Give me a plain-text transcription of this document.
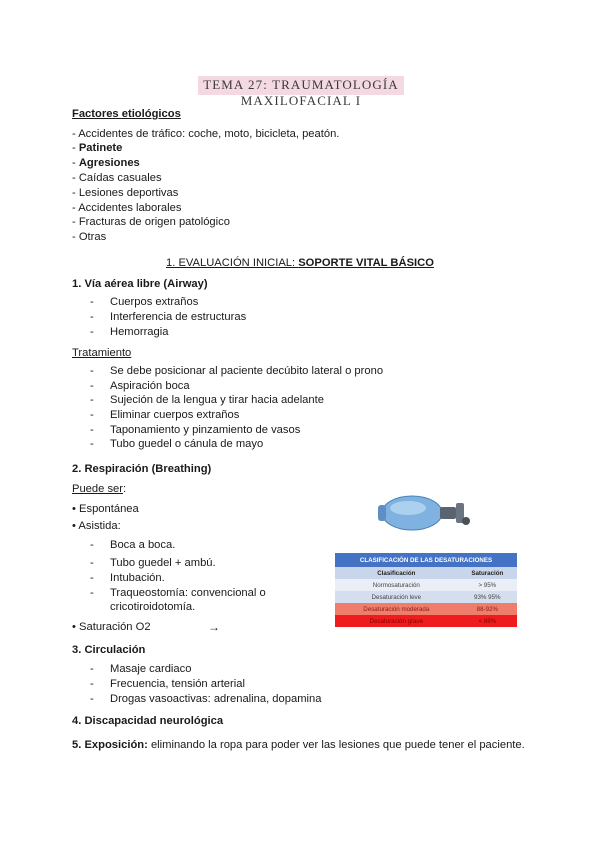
TEMA 27: TRAUMATOLOGÍA MAXILOFACIAL I
Factores etiológicos
- Accidentes de tráfico: coche, moto, bicicleta, peatón.
- Patinete
- Agresiones
- Caídas casuales
- Lesiones deportivas
- Accidentes laborales
- Fracturas de origen patológico
- Otras
1. EVALUACIÓN INICIAL: SOPORTE VITAL BÁSICO
1. Vía aérea libre (Airway)
- Cuerpos extraños
- Interferencia de estructuras
- Hemorragia
Tratamiento
- Se debe posicionar al paciente decúbito lateral o prono
- Aspiración boca
- Sujeción de la lengua y tirar hacia adelante
- Eliminar cuerpos extraños
- Taponamiento y pinzamiento de vasos
- Tubo guedel o cánula de mayo
2. Respiración (Breathing)
Puede ser:
• Espontánea
• Asistida:
- Boca a boca.
- Tubo guedel + ambú.
- Intubación.
- Traqueostomía: convencional o
cricotiroidotomía.
• Saturación O2	→
CLASIFICACIÓN DE LAS DESATURACIONES	
Clasificación	Saturación
Normosaturación	> 95%
Desaturación leve	93% 95%
Desaturación moderada	88-92%
Desaturación grave	< 88%
3. Circulación
- Masaje cardiaco
- Frecuencia, tensión arterial
- Drogas vasoactivas: adrenalina, dopamina
4. Discapacidad neurológica
5. Exposición: eliminando la ropa para poder ver las lesiones que puede tener el paciente.
